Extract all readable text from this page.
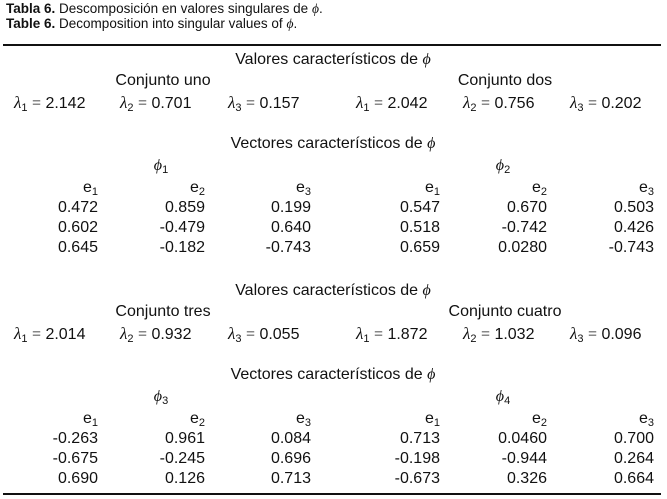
Tabla 6. Descomposición en valores singulares de ϕ.
Table 6. Decomposition into singular values of ϕ.
Valores característicos de ϕ
Vectores característicos de ϕ
Conjunto uno
$\lambda_1 = 2.142$ $\lambda_2 = 0.701$ $\lambda_3 = 0.157$
$\phi_1$
$e_1$	$e_2$	$e_3$
0.472	0.859	0.199
0.602	-0.479	0.640
0.645	-0.182	-0.743
Conjunto dos
$\lambda_1 = 2.042$ $\lambda_2 = 0.756$ $\lambda_3 = 0.202$
$\phi_2$
$e_1$	$e_2$	$e_3$
0.547	0.670	0.503
0.518	-0.742	0.426
0.659	0.0280	-0.743
Valores característicos de ϕ
Vectores característicos de ϕ
Conjunto tres
$\lambda_1 = 2.014$ $\lambda_2 = 0.932$ $\lambda_3 = 0.055$
$\phi_3$
$e_1$	$e_2$	$e_3$
-0.263	0.961	0.084
-0.675	-0.245	0.696
0.690	0.126	0.713
Conjunto cuatro
$\lambda_1 = 1.872$ $\lambda_2 = 1.032$ $\lambda_3 = 0.096$
$\phi_4$
$e_1$	$e_2$	$e_3$
0.713	0.0460	0.700
-0.198	-0.944	0.264
-0.673	0.326	0.664
